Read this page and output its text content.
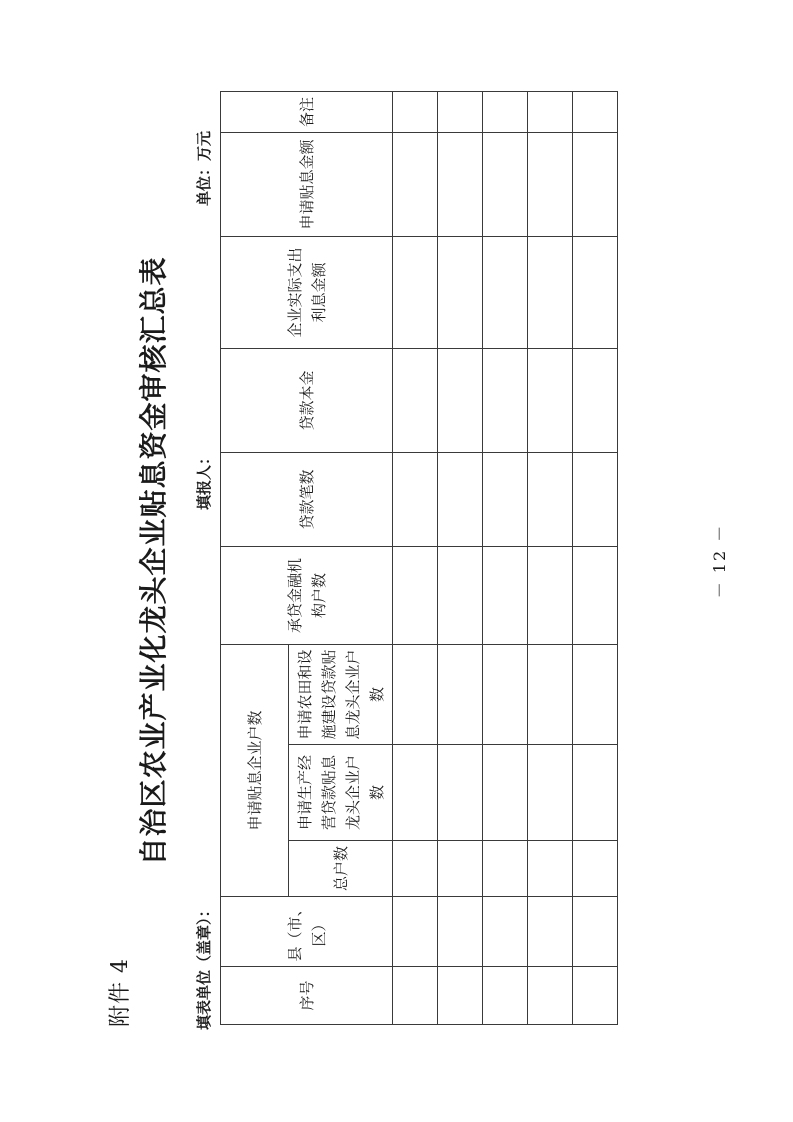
附件 4
自治区农业产业化龙头企业贴息资金审核汇总表
填表单位（盖章）：
填报人：
单位：万元
序号	县（市、区）	申请贴息企业户数			承贷金融机构户数	贷款笔数	贷款本金	企业实际支出利息金额	申请贴息金额	备注
		总户数	申请生产经营贷款贴息龙头企业户数	申请农田和设施建设贷款贴息龙头企业户数						

－ 12 －
